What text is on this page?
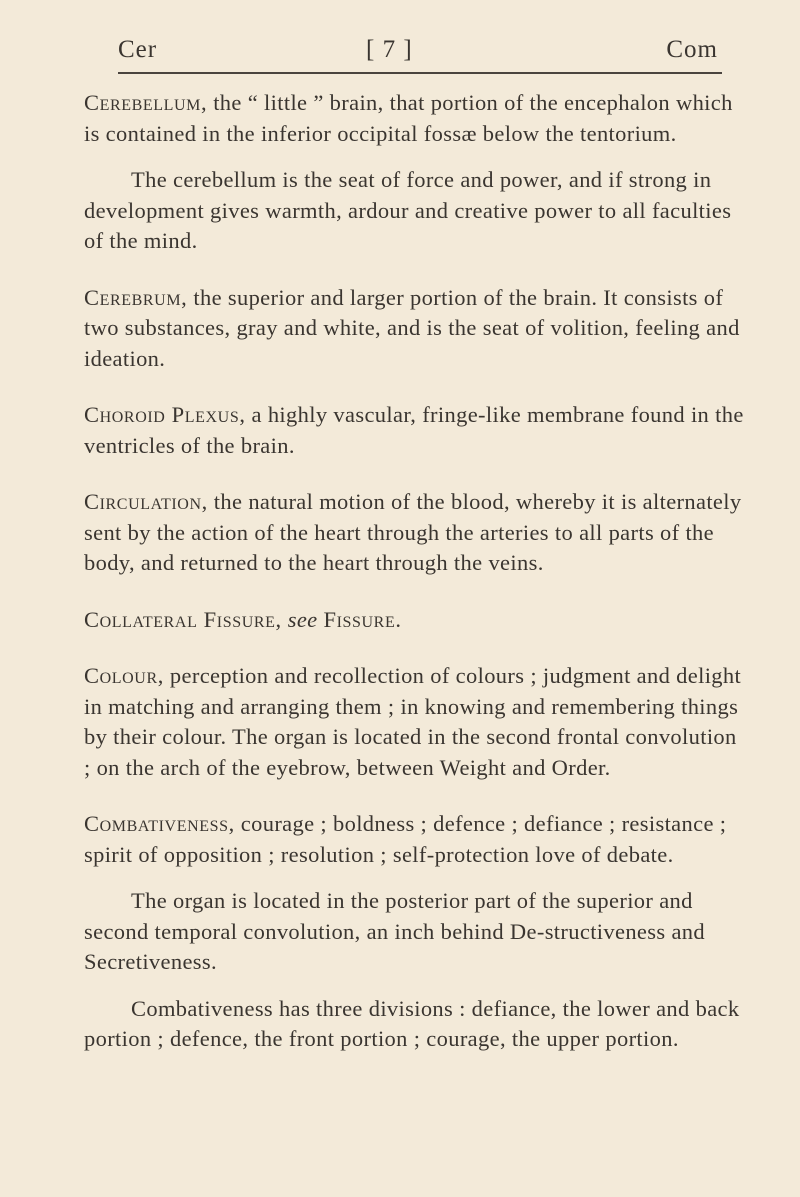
Cer	[ 7 ]	Com

Cerebellum, the “ little ” brain, that portion of the encephalon which is contained in the inferior occipital fossæ below the tentorium.

The cerebellum is the seat of force and power, and if strong in development gives warmth, ardour and creative power to all faculties of the mind.

Cerebrum, the superior and larger portion of the brain. It consists of two substances, gray and white, and is the seat of volition, feeling and ideation.

Choroid Plexus, a highly vascular, fringe-like membrane found in the ventricles of the brain.

Circulation, the natural motion of the blood, whereby it is alternately sent by the action of the heart through the arteries to all parts of the body, and returned to the heart through the veins.

Collateral Fissure, see Fissure.

Colour, perception and recollection of colours ; judgment and delight in matching and arranging them ; in knowing and remembering things by their colour. The organ is located in the second frontal convolution ; on the arch of the eyebrow, between Weight and Order.

Combativeness, courage ; boldness ; defence ; defiance ; resistance ; spirit of opposition ; resolution ; self-protection love of debate.

The organ is located in the posterior part of the superior and second temporal convolution, an inch behind De-structiveness and Secretiveness.

Combativeness has three divisions : defiance, the lower and back portion ; defence, the front portion ; courage, the upper portion.
